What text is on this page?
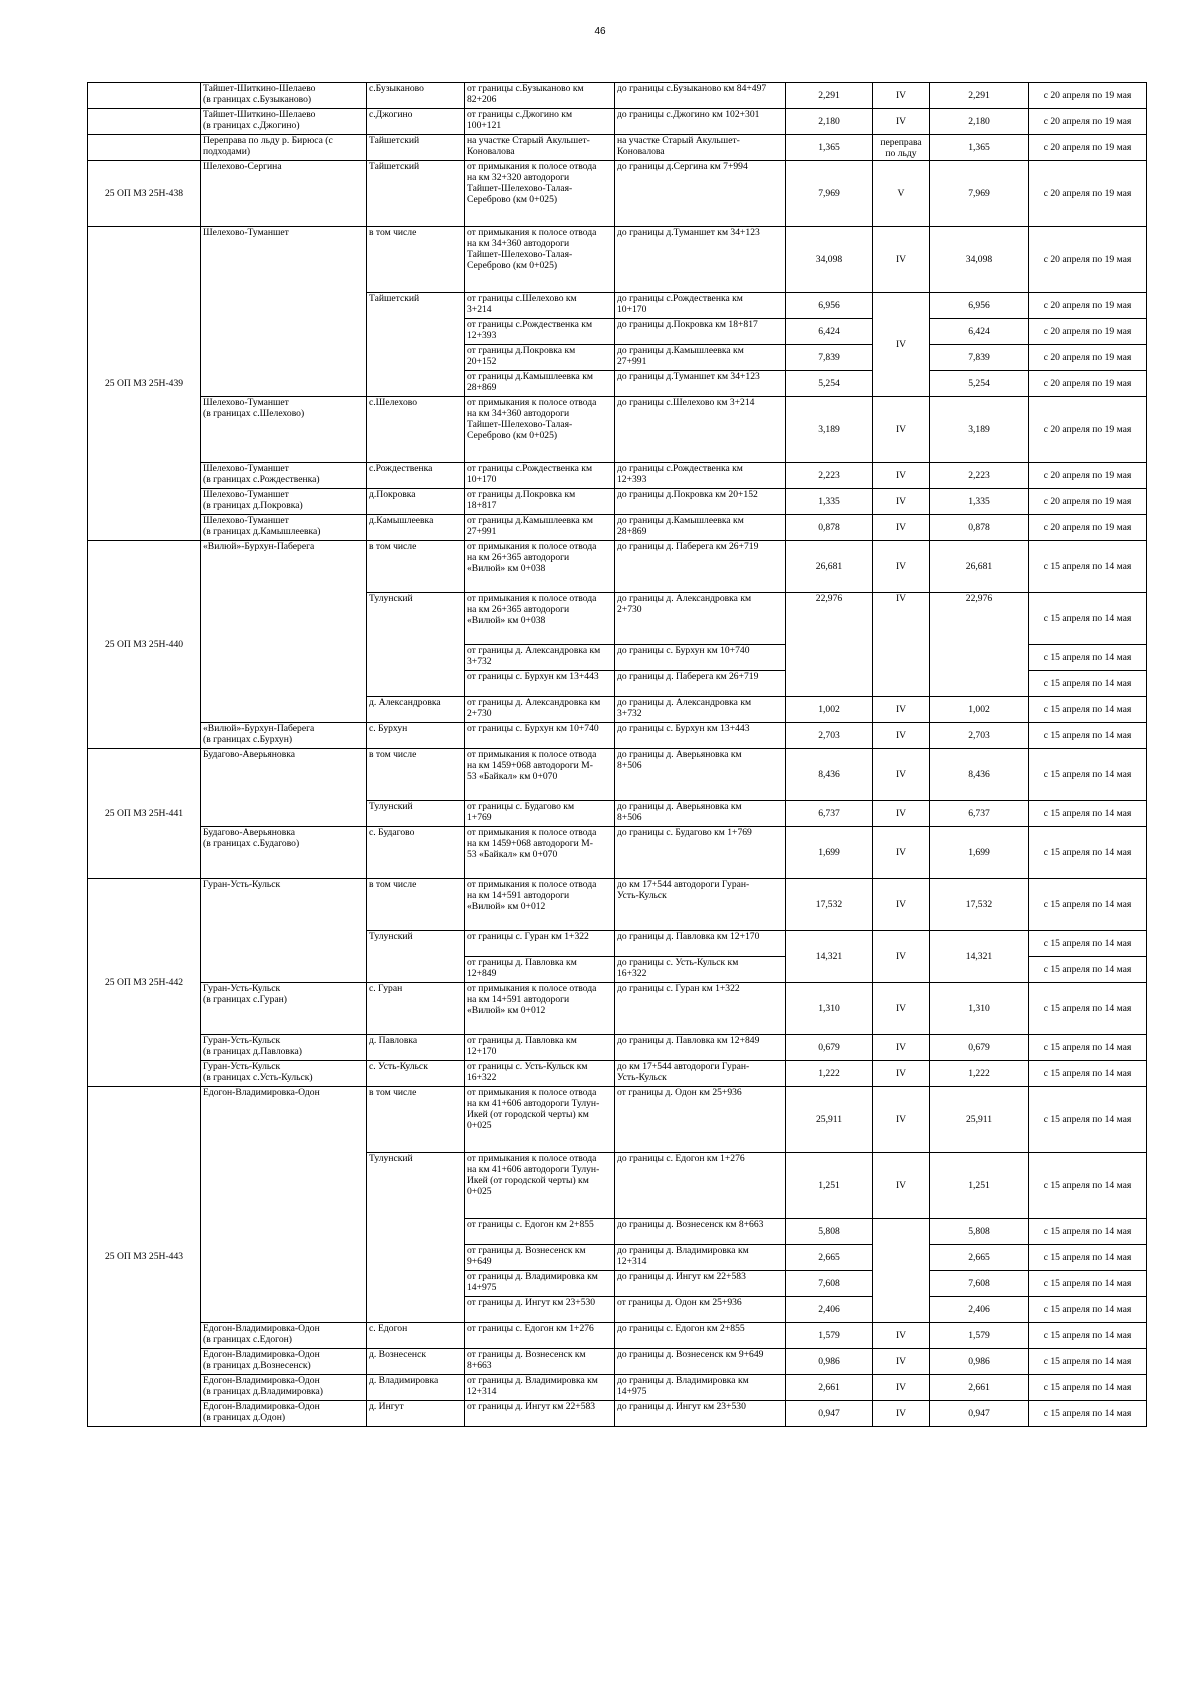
46
	Тайшет-Шиткино-Шелаево
(в границах с.Бузыканово)	с.Бузыканово	от границы с.Бузыканово км
82+206	до границы с.Бузыканово км 84+497	2,291	IV	2,291	с 20 апреля по 19 мая
	Тайшет-Шиткино-Шелаево
(в границах с.Джогино)	с.Джогино	от границы с.Джогино км
100+121	до границы с.Джогино км 102+301	2,180	IV	2,180	с 20 апреля по 19 мая
	Переправа по льду р. Бирюса (с
подходами)	Тайшетский	на участке Старый Акульшет-
Коновалова	на участке Старый Акульшет-
Коновалова	1,365	переправа
по льду	1,365	с 20 апреля по 19 мая
25 ОП МЗ 25Н-438	Шелехово-Сергина	Тайшетский	от примыкания к полосе отвода
на км 32+320 автодороги
Тайшет-Шелехово-Талая-
Сереброво (км 0+025)	до границы д.Сергина км 7+994	7,969	V	7,969	с 20 апреля по 19 мая
25 ОП МЗ 25Н-439	Шелехово-Туманшет	в том числе	от примыкания к полосе отвода
на км 34+360 автодороги
Тайшет-Шелехово-Талая-
Сереброво (км 0+025)	до границы д.Туманшет км 34+123	34,098	IV	34,098	с 20 апреля по 19 мая
		Тайшетский	от границы с.Шелехово км
3+214	до границы с.Рождественка км
10+170	6,956	IV	6,956	с 20 апреля по 19 мая
			от границы с.Рождественка км
12+393	до границы д.Покровка км 18+817	6,424		6,424	с 20 апреля по 19 мая
			от границы д.Покровка км
20+152	до границы д.Камышлеевка км
27+991	7,839		7,839	с 20 апреля по 19 мая
			от границы д.Камышлеевка км
28+869	до границы д.Туманшет км 34+123	5,254		5,254	с 20 апреля по 19 мая
	Шелехово-Туманшет
(в границах с.Шелехово)	с.Шелехово	от примыкания к полосе отвода
на км 34+360 автодороги
Тайшет-Шелехово-Талая-
Сереброво (км 0+025)	до границы с.Шелехово км 3+214	3,189	IV	3,189	с 20 апреля по 19 мая
	Шелехово-Туманшет
(в границах с.Рождественка)	с.Рождественка	от границы с.Рождественка км
10+170	до границы с.Рождественка км
12+393	2,223	IV	2,223	с 20 апреля по 19 мая
	Шелехово-Туманшет
(в границах д.Покровка)	д.Покровка	от границы д.Покровка км
18+817	до границы д.Покровка км 20+152	1,335	IV	1,335	с 20 апреля по 19 мая
	Шелехово-Туманшет
(в границах д.Камышлеевка)	д.Камышлеевка	от границы д.Камышлеевка км
27+991	до границы д.Камышлеевка км
28+869	0,878	IV	0,878	с 20 апреля по 19 мая
25 ОП МЗ 25Н-440	«Вилюй»-Бурхун-Паберега	в том числе	от примыкания к полосе отвода
на км 26+365 автодороги
«Вилюй» км 0+038	до границы д. Паберега км 26+719	26,681	IV	26,681	с 15 апреля по 14 мая
		Тулунский	от примыкания к полосе отвода
на км 26+365 автодороги
«Вилюй» км 0+038	до границы д. Александровка км
2+730	22,976	IV	22,976	с 15 апреля по 14 мая
			от границы д. Александровка км
3+732	до границы с. Бурхун км 10+740				с 15 апреля по 14 мая
			от границы с. Бурхун км 13+443	до границы д. Паберега км 26+719				с 15 апреля по 14 мая
		д. Александровка	от границы д. Александровка км
2+730	до границы д. Александровка км
3+732	1,002	IV	1,002	с 15 апреля по 14 мая
	«Вилюй»-Бурхун-Паберега
(в границах с.Бурхун)	с. Бурхун	от границы с. Бурхун км 10+740	до границы с. Бурхун км 13+443	2,703	IV	2,703	с 15 апреля по 14 мая
25 ОП МЗ 25Н-441	Будагово-Аверьяновка	в том числе	от примыкания к полосе отвода
на км 1459+068 автодороги М-
53 «Байкал» км 0+070	до границы д. Аверьяновка км
8+506	8,436	IV	8,436	с 15 апреля по 14 мая
		Тулунский	от границы с. Будагово км
1+769	до границы д. Аверьяновка км
8+506	6,737	IV	6,737	с 15 апреля по 14 мая
	Будагово-Аверьяновка
(в границах с.Будагово)	с. Будагово	от примыкания к полосе отвода
на км 1459+068 автодороги М-
53 «Байкал» км 0+070	до границы с. Будагово км 1+769	1,699	IV	1,699	с 15 апреля по 14 мая
25 ОП МЗ 25Н-442	Гуран-Усть-Кульск	в том числе	от примыкания к полосе отвода
на км 14+591 автодороги
«Вилюй» км 0+012	до км 17+544 автодороги Гуран-
Усть-Кульск	17,532	IV	17,532	с 15 апреля по 14 мая
		Тулунский	от границы с. Гуран км 1+322	до границы д. Павловка км 12+170	14,321	IV	14,321	с 15 апреля по 14 мая
			от границы д. Павловка км
12+849	до границы с. Усть-Кульск км
16+322				с 15 апреля по 14 мая
	Гуран-Усть-Кульск
(в границах с.Гуран)	с. Гуран	от примыкания к полосе отвода
на км 14+591 автодороги
«Вилюй» км 0+012	до границы с. Гуран км 1+322	1,310	IV	1,310	с 15 апреля по 14 мая
	Гуран-Усть-Кульск
(в границах д.Павловка)	д. Павловка	от границы д. Павловка км
12+170	до границы д. Павловка км 12+849	0,679	IV	0,679	с 15 апреля по 14 мая
	Гуран-Усть-Кульск
(в границах с.Усть-Кульск)	с. Усть-Кульск	от границы с. Усть-Кульск км
16+322	до км 17+544 автодороги Гуран-
Усть-Кульск	1,222	IV	1,222	с 15 апреля по 14 мая
25 ОП МЗ 25Н-443	Едогон-Владимировка-Одон	в том числе	от примыкания к полосе отвода
на км 41+606 автодороги Тулун-
Икей (от городской черты) км
0+025	от границы д. Одон км 25+936	25,911	IV	25,911	с 15 апреля по 14 мая
		Тулунский	от примыкания к полосе отвода
на км 41+606 автодороги Тулун-
Икей (от городской черты) км
0+025	до границы с. Едогон км 1+276	1,251	IV	1,251	с 15 апреля по 14 мая
			от границы с. Едогон км 2+855	до границы д. Вознесенск км 8+663	5,808		5,808	с 15 апреля по 14 мая
			от границы д. Вознесенск км
9+649	до границы д. Владимировка км
12+314	2,665		2,665	с 15 апреля по 14 мая
			от границы д. Владимировка км
14+975	до границы д. Ингут км 22+583	7,608		7,608	с 15 апреля по 14 мая
			от границы д. Ингут км 23+530	от границы д. Одон км 25+936	2,406		2,406	с 15 апреля по 14 мая
	Едогон-Владимировка-Одон
(в границах с.Едогон)	с. Едогон	от границы с. Едогон км 1+276	до границы с. Едогон км 2+855	1,579	IV	1,579	с 15 апреля по 14 мая
	Едогон-Владимировка-Одон
(в границах д.Вознесенск)	д. Вознесенск	от границы д. Вознесенск км
8+663	до границы д. Вознесенск км 9+649	0,986	IV	0,986	с 15 апреля по 14 мая
	Едогон-Владимировка-Одон
(в границах д.Владимировка)	д. Владимировка	от границы д. Владимировка км
12+314	до границы д. Владимировка км
14+975	2,661	IV	2,661	с 15 апреля по 14 мая
	Едогон-Владимировка-Одон
(в границах д.Одон)	д. Ингут	от границы д. Ингут км 22+583	до границы д. Ингут км 23+530	0,947	IV	0,947	с 15 апреля по 14 мая
